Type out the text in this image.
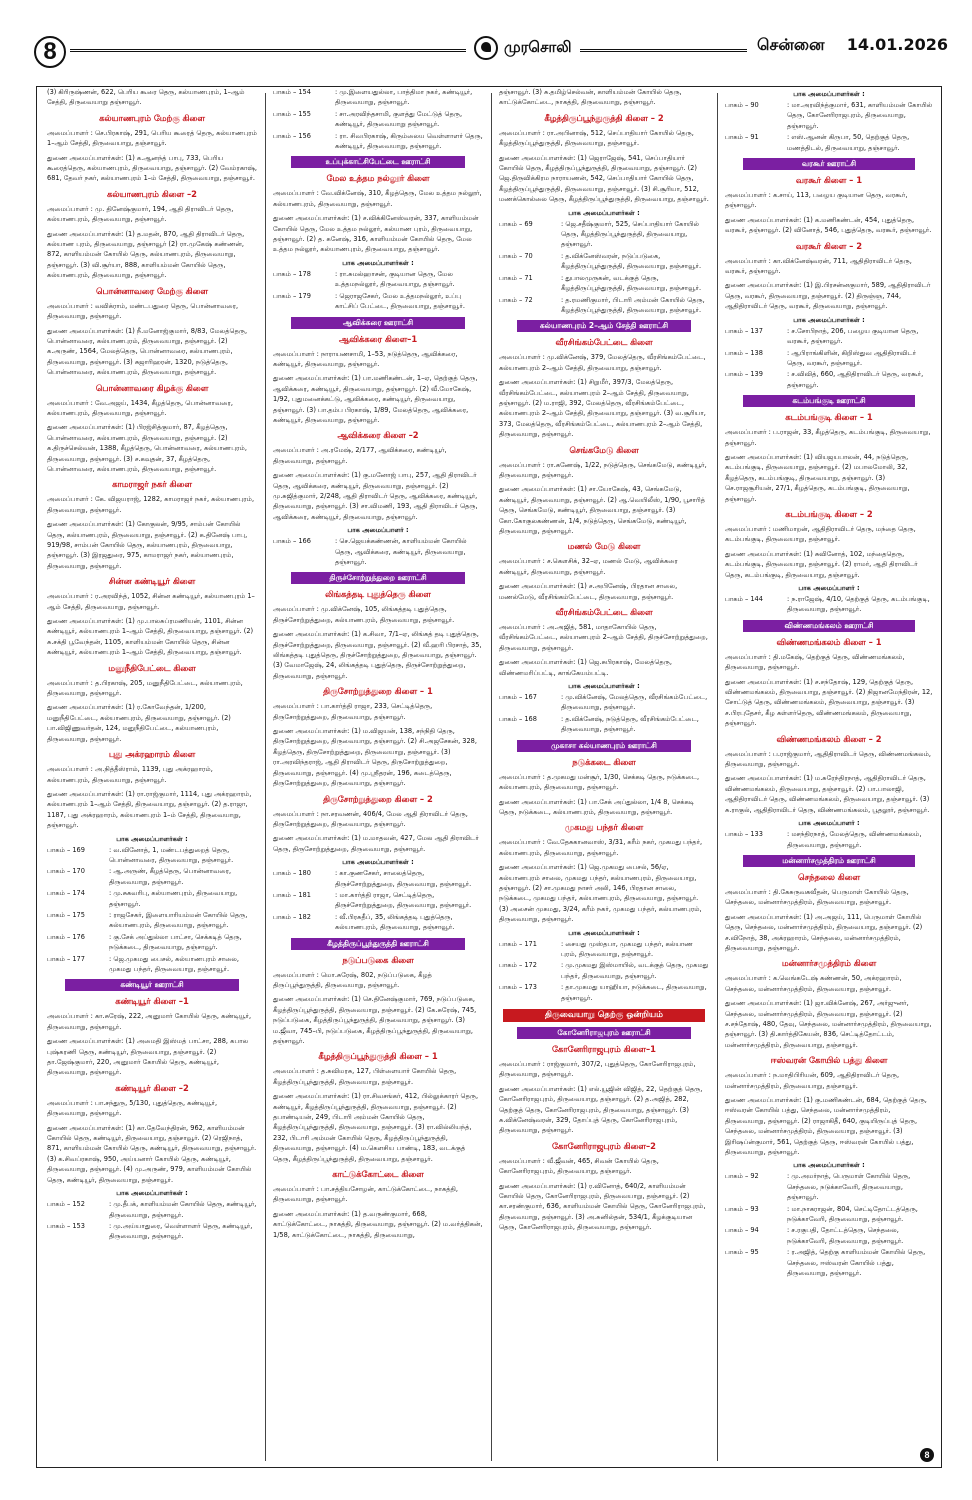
8	முரசொலி	சென்னை 14.01.2026

(3) கிரிருஷ்ணன், 622, பெரிய கூரை தெரு, கல்யாணபுரம், 1–ஆம் சேத்தி, திருவையாறு தஞ்சாவூர்.

கல்யாணபுரம் மேற்கு கிளை

அமைப்பாளர் : செ.பிரகாஷ், 291, பெரிய கூரைத் தெரு, கல்யாணபுரம் 1–ஆம் சேத்தி, திருவையாறு, தஞ்சாவூர்.

துணை அமைப்பாளர்கள்: (1) க.ஆனந்த் பாபு, 733, பெரிய கூரைத்தெரு, கல்யாணபுரம், திருவையாறு, தஞ்சாவூர். (2) வேம்ரகாஷ், 681, தேவர் நகர், கல்யாணபுரம் 1–ம் சேத்தி, திருவையாறு, தஞ்சாவூர்.

கல்யாணபுரம் கிளை –2

அமைப்பாளர் : மு. தினேஷ்குமார், 194, ஆதி திராவிடர் தெரு, கல்யாணபுரம், திருவையாறு, தஞ்சாவூர்.

துணை அமைப்பாளர்கள்: (1) த.மதன், 870, ஆதி திராவிடர் தெரு, கல்யாண புரம், திருவையாறு, தஞ்சாவூர் (2) ரா.முகேஷ் கண்ணன், 872, காளியம்மன் கோயில் தெரு, கல்யாணபுரம், திருவையாறு, தஞ்சாவூர். (3) வி.சூர்யா, 888, காளியம்மன் கோயில் தெரு, கல்யாணபுரம், திருவையாறு, தஞ்சாவூர்.

பொன்னாவரை மேற்கு கிளை

அமைப்பாளர் : வவிக்ராம், மண்டபதுரை தெரு, பொன்னாவரை, திருவையாறு, தஞ்சாவூர்.

துணை அமைப்பாளர்கள்: (1) நீ.மனோஜ்குமார், 8/83, மேலத்தெரு, பொன்னாவரை, கல்யாணபுரம், திருவையாறு, தஞ்சாவூர். (2) க.அருண், 1564, மேலத்தெரு, பொன்னாவரை, கல்யாணபுரம், திருவையாறு, தஞ்சாவூர். (3) சுஜாரிஹரன், 1320, நடுத்தெரு, பொன்னாவரை, கல்யாணபுரம், திருவையாறு, தஞ்சாவூர்.

பொன்னாவரை கிழக்கு கிளை

அமைப்பாளர் : வே.அஜய், 1434, கீழத்தெரு, பொன்னாவரை, கல்யாணபுரம், திருவையாறு, தஞ்சாவூர்.

துணை அமைப்பாளர்கள்: (1) பிரஜ்சித்குமார், 87, கீழத்தெரு, பொன்னாவரை, கல்யாணபுரம், திருவையாறு, தஞ்சாவூர். (2) க.திருச்செல்வன், 1388, கீழத்தெரு, பொன்னாவரை, கல்யாணபுரம், திருவையாறு, தஞ்சாவூர். (3) ச.கவுதன், 37, கீழத்தெரு, பொன்னாவரை, கல்யாணபுரம், திருவையாறு, தஞ்சாவூர்.

காமராஜர் நகர் கிளை

அமைப்பாளர் : கே. விஜயராஜ், 1282, காமராஜர் நகர், கல்யாணபுரம், திருவையாறு, தஞ்சாவூர்.

துணை அமைப்பாளர்கள்: (1) கோகுலன், 9/95, சாம்பன் கோயில் தெரு, கல்யாணபுரம், திருவையாறு, தஞ்சாவூர். (2) க.தினேஷ் பாபு, 919/98, சாம்பன் கோயில் தெரு, கல்யாணபுரம், திருவையாறு, தஞ்சாவூர். (3) இரஜதுரை, 975, காமராஜர் நகர், கல்யாணபுரம், திருவையாறு, தஞ்சாவூர்.

சின்ன கண்டியூர் கிளை

அமைப்பாளர் : ர.அரவிந்த், 1052, சின்ன கண்டியூர், கல்யாணபுரம் 1–ஆம் சேத்தி, திருவையாறு, தஞ்சாவூர்.

துணை அமைப்பாளர்கள்: (1) மு.பாலசுப்ரமணியன், 1101, சின்ன கண்டியூர், கல்யாணபுரம் 1–ஆம் சேத்தி, திருவையாறு, தஞ்சாவூர். (2) சு.சக்தி பூவேந்தன், 1105, காளியம்மன் கோயில் தெரு, சின்ன கண்டியூர், கல்யாணபுரம் 1–ஆம் சேத்தி, திருவையாறு, தஞ்சாவூர்.

மனுநீதிபேட்டை கிளை

அமைப்பாளர் : த.பிரகாஷ், 205, மனுநீதிபேட்டை, கல்யாணபுரம், திருவையாறு, தஞ்சாவூர்.

துணை அமைப்பாளர்கள்: (1) ர.கோவேந்தன், 1/200, மனுநீதிபேட்டை, கல்யாணபுரம், திருவையாறு, தஞ்சாவூர். (2) பா.விஜிணுவர்தன், 124, மனுநீதிபேட்டை, கல்யாணபுரம், திருவையாறு, தஞ்சாவூர்.

புது அக்ரஹாரம் கிளை

அமைப்பாளர் : அ.நித்தீஸ்ராம், 1139, புது அக்ரஹாரம், கல்யாணபுரம், திருவையாறு, தஞ்சாவூர்.

துணை அமைப்பாளர்கள்: (1) ரா.ராஜ்குமார், 1114, புது அக்ரஹாரம், கல்யாணபுரம் 1–ஆம் சேத்தி, திருவையாறு, தஞ்சாவூர். (2) த.ராஜா, 1187, புது அக்ரஹாரம், கல்யாணபுரம் 1–ம் சேத்தி, திருவையாறு, தஞ்சாவூர்.

பாக அமைப்பாளர்கள் :
பாகம் – 169	: வ.வினோத், 1, மண்டபத்துறைத் தெரு, பொன்னாவரை, திருவையாறு, தஞ்சாவூர்.
பாகம் – 170	: ஆ.அருண், கீழத்தெரு, பொன்னாவரை, திருவையாறு, தஞ்சாவூர்.
பாகம் – 174	: மு.சுகவரிபு, கல்யாணபுரம், திருவையாறு, தஞ்சாவூர்.
பாகம் – 175	: ராஜசேகர், இளையாரியம்மன் கோயில் தெரு, கல்யாணபுரம், திருவையாறு, தஞ்சாவூர்.
பாகம் – 176	: கு.சேக் அப்துல்லா பாட்சா, செக்கடித் தெரு, நடுக்கடை, திருவையாறு, தஞ்சாவூர்.
பாகம் – 177	: ஜெ.முகமது பைசல், கல்யாணபுரம் சாலை, முகமது பந்தர், திருவையாறு, தஞ்சாவூர்.
கண்டியூர் ஊராட்சி
கண்டியூர் கிளை –1

அமைப்பாளர் : கா.சுரேஷ், 222, அனுமார் கோயில் தெரு, கண்டியூர், திருவையாறு, தஞ்சாவூர்.

துணை அமைப்பாளர்கள்: (1) அமைதி இஸ்மத் பாட்சா, 288, கபால புஷ்கரணி தெரு, கண்டியூர், திருவையாறு, தஞ்சாவூர். (2) தா.ஜேஷ்குமார், 220, அனுமார் கோயில் தெரு, கண்டியூர், திருவையாறு, தஞ்சாவூர்.

கண்டியூர் கிளை –2

அமைப்பாளர் : பா.சந்துரு, 5/130, புதுத்தெரு, கண்டியூர், திருவையாறு, தஞ்சாவூர்.

துணை அமைப்பாளர்கள்: (1) கா.தேவேந்திரன், 962, காளியம்மன் கோயில் தெரு, கண்டியூர், திருவையாறு, தஞ்சாவூர். (2) ரெஜிநாத், 871, காளியம்மன் கோயில் தெரு, கண்டியூர், திருவையாறு, தஞ்சாவூர். (3) க.சிவப்ரகாஷ், 950, அய்யனார் கோயில் தெரு, கண்டியூர், திருவையாறு, தஞ்சாவூர். (4) மு.அருண், 979, காளியம்மன் கோயில் தெரு, கண்டியூர், திருவையாறு, தஞ்சாவூர்.

பாக அமைப்பாளர்கள் :
பாகம் – 152	: மு.தீபக், காளியம்மன் கோயில் தெரு, கண்டியூர், திருவையாறு, தஞ்சாவூர்.
பாகம் – 153	: மு.அய்யாதுரை, வெள்ளாளர் தெரு, கண்டியூர், திருவையாறு, தஞ்சாவூர்.
பாகம் – 154	: மு.இளையதுல்லா, பாத்திமா நகர், கண்டியூர், திருவையாறு, தஞ்சாவூர்.
பாகம் – 155	: சா.அரவிந்தசாமி, குளத்து மேட்டுத் தெரு, கண்டியூர், திருவையாறு தஞ்சாவூர்.
பாகம் – 156	: ரா. சிவபிரகாஷ், கிரும்லைய வெள்ளாளர் தெரு, கண்டியூர், திருவையாறு, தஞ்சாவூர்.
உப்புக்காட்சிபேட்டை ஊராட்சி
மேல உத்தம நல்லூர் கிளை

அமைப்பாளர் : வே.விக்னேஷ், 310, கீழத்தெரு, மேல உத்தம நல்லூர், கல்யாணபுரம், திருவையாறு, தஞ்சாவூர்.

துணை அமைப்பாளர்கள்: (1) ச.விக்கினேஸ்வரன், 337, காளியம்மன் கோயில் தெரு, மேல உத்தம நல்லூர், கல்யாண புரம், திருவையாறு, தஞ்சாவூர். (2) த. கனேஷ், 316, காளியம்மன் கோயில் தெரு, மேல உத்தம நல்லூர், கல்யாணபுரம், திருவையாறு, தஞ்சாவூர்.

பாக அமைப்பாளர்கள் :
பாகம் – 178	: ரா.சுமல்ஹாசன், குடியான தெரு, மேல உத்தமநல்லூர், திருவையாறு, தஞ்சாவூர்.
பாகம் – 179	: ஜெராஜசேகர், மேல உத்தமநல்லூர், உப்பு காட்சிப் பேட்டை, திருவையாறு, தஞ்சாவூர்.
ஆவிக்கரை ஊராட்சி
ஆவிக்கரை கிளை–1

அமைப்பாளர் : நாராயணசாமி, 1–53, நடுத்தெரு, ஆவிக்கரை, கண்டியூர், திருவையாறு, தஞ்சாவூர்.

துணை அமைப்பாளர்கள்: (1) பா.மணிகண்டன், 1–ஏ, தெற்குத் தெரு, ஆவிக்கரை, கண்டியூர், திருவையாறு, தஞ்சாவூர். (2) வீ.மோகேஷ், 1/92, புதுமனைக்கட்டு, ஆவிக்கரை, கண்டியூர், திருவையாறு, தஞ்சாவூர். (3) பா.தம்ப பிரகாஷ், 1/89, மேலத்தெரு, ஆவிக்கரை, கண்டியூர், திருவையாறு, தஞ்சாவூர்.

ஆவிக்கரை கிளை –2

அமைப்பாளர் : அ.ரமேஷ், 2/177, ஆவிக்கரை, கண்டியூர், திருவையாறு, தஞ்சாவூர்.

துணை அமைப்பாளர்கள்: (1) கு.மனோஜ் பாபு, 257, ஆதி திராவிடர் தெரு, ஆவிக்கரை, கண்டியூர், திருவையாறு, தஞ்சாவூர். (2) மு.சுஜித்குமார், 2/248, ஆதி திராவிடர் தெரு, ஆவிக்கரை, கண்டியூர், திருவையாறு, தஞ்சாவூர். (3) சா.விமணி, 193, ஆதி திராவிடர் தெரு, ஆவிக்கரை, கண்டியூர், திருவையாறு, தஞ்சாவூர்.

பாக அமைப்பாளர் :
பாகம் – 166	: செ.ஜெயக்கண்ணன், காளியம்மன் கோயில் தெரு, ஆவிக்கரை, கண்டியூர், திருவையாறு, தஞ்சாவூர்.
திருச்சோற்றுத்துறை ஊராட்சி
லிங்கத்தடி புதுத்தெரு கிளை

அமைப்பாளர் : மு.விக்னேஷ், 105, லிங்கத்தடி புதுத்தெரு, திருச்சோற்றுத்துறை, கல்யாணபுரம், திருவையாறு, தஞ்சாவூர்.

துணை அமைப்பாளர்கள்: (1) க.சிவா, 7/1–ஏ, லிங்கத் தடி புதுத்தெரு, திருச்சோற்றுத்துறை, திருவையாறு, தஞ்சாவூர். (2) வீ.ஹரி பிரசாத், 35, லிங்கத்தடி புதுத்தெரு, திருச்சோற்றுத்துறை, திருவையாறு, தஞ்சாவூர். (3) வேமாஜேஷ், 24, லிங்கத்தடி புதுத்தெரு, திருச்சோற்றுத்துறை, திருவையாறு, தஞ்சாவூர்.

திருசோற்றுத்துறை கிளை – 1

அமைப்பாளர் : பா.கார்த்தி ராஜா, 233, செட்டித்தெரு, திருசோற்றுத்துறை, திருவையாறு, தஞ்சாவூர்.

துணை அமைப்பாளர்கள்: (1) ம.விஜயன், 138, சந்நிதி தெரு, திருசோற்றுத்துறை, திருவையாறு, தஞ்சாவூர். (2) சி.அஜசேகன், 328, கீழத்தெரு, திருசோற்றுத்துறை, திருவையாறு, தஞ்சாவூர். (3) ரா.அரவிந்தராஜ், ஆதி திராவிடர் தெரு, திருசோற்றுத்துறை, திருவையாறு, தஞ்சாவூர். (4) மு.ஸ்ரீதரன், 196, கடைத்தெரு, திருசோற்றுத்துறை, திருவையாறு, தஞ்சாவூர்.

திருசோற்றுத்துறை கிளை – 2

அமைப்பாளர் : நா.சரவணன், 406/4, மேல ஆதி திராவிடர் தெரு, திருசோற்றுத்துறை, திருவையாறு, தஞ்சாவூர்.

துணை அமைப்பாளர்கள்: (1) ம.மாதவன், 427, மேல ஆதி திராவிடர் தெரு, திருசோற்றுத்துறை, திருவையாறு, தஞ்சாவூர்.

பாக அமைப்பாளர்கள் :
பாகம் – 180	: கா.குணசேகர், சாலைத்தெரு, திருச்சோற்றுத்துறை, திருவையாறு, தஞ்சாவூர்.
பாகம் – 181	: மா.கார்த்தி ராஜா, செட்டித்தெரு, திருச்சோற்றுத்துறை, திருவையாறு, தஞ்சாவூர்.
பாகம் – 182	: வீ.பிரசுதீப், 35, லிங்கத்தடி புதுத்தெரு, கல்யாணபுரம், திருவையாறு, தஞ்சாவூர்.
கீழத்திருப்பூந்துருத்தி ஊராட்சி
நடுப்படுகை கிளை

அமைப்பாளர் : மொ.சுரேஷ், 802, நடுப்படுகை, கீழத் திருப்பூந்துருத்தி, திருவையாறு, தஞ்சாவூர்.

துணை அமைப்பாளர்கள்: (1) செ.தினேஷ்குமார், 769, நடுப்படுகை, கீழத்திருப்பூந்துருத்தி, திருவையாறு, தஞ்சாவூர். (2) கே.சுரேஷ், 745, நடுப்படுகை, கீழத்திருப்பூந்துருத்தி, திருவையாறு, தஞ்சாவூர். (3) ம.ஜீவா, 745–பி, நடுப்படுகை, கீழத்திருப்பூந்துருத்தி, திருவையாறு, தஞ்சாவூர்.

கீழத்திருப்பூந்துருத்தி கிளை – 1

அமைப்பாளர் : த.சுவிமரசு, 127, பிள்ளையார் கோயில் தெரு, கீழத்திருப்பூந்துருத்தி, திருவையாறு, தஞ்சாவூர்.

துணை அமைப்பாளர்கள்: (1) ரா.சிவசங்கர், 412, பில்லுக்காரர் தெரு, கண்டியூர், கீழத்திருப்பூந்துருத்தி, திருவையாறு, தஞ்சாவூர். (2) தபாண்டியன், 249, பிடாரி அம்மன் கோயில் தெரு, கீழத்திருப்பூந்துருத்தி, திருவையாறு, தஞ்சாவூர். (3) ரா.வில்லியந்த், 232, பிடாரி அம்மன் கோயில் தெரு, கீழத்திருப்பூந்துருத்தி, திருவையாறு, தஞ்சாவூர். (4) ம.கெளசிய பாண்டி, 183, வடக்குத் தெரு, கீழத்திருப்பூந்துருத்தி, திருவையாறு, தஞ்சாவூர்.

காட்டுக்கோட்டை கிளை

அமைப்பாளர் : பா.சத்தியசோழன், காட்டுக்கோட்டை, நாகத்தி, திருவையாறு, தஞ்சாவூர்.

துணை அமைப்பாளர்கள்: (1) த.வருண்குமார், 668, காட்டுக்கோட்டை, நாகத்தி, திருவையாறு, தஞ்சாவூர். (2) ம.வர்த்திகன், 1/58, காட்டுக்கோட்டை, நாகத்தி, திருவையாறு,

தஞ்சாவூர். (3) சு.தமிழ்செல்வன், காளியம்மன் கோயில் தெரு, காட்டுக்கோட்டை, நாகத்தி, திருவையாறு, தஞ்சாவூர்.

கீழத்திருப்பூந்துருத்தி கிளை – 2

அமைப்பாளர் : ரா.அபினாஷ், 512, செப்பாதியார் கோயில் தெரு, கீழத்திருப்பூந்துருத்தி, திருவையாறு, தஞ்சாவூர்.

துணை அமைப்பாளர்கள்: (1) ஜெராஜேஷ், 541, செப்பாதியார் கோயில் தெரு, கீழத்திருப்பூந்துருத்தி, திருவையாறு, தஞ்சாவூர். (2) ஜெ.திருவிக்கிரம நாராயணன், 542, செப்பாதியார் கோயில் தெரு, கீழத்திருப்பூந்துருத்தி, திருவையாறு, தஞ்சாவூர். (3) சி.சூரியா, 512, மணக்கொல்லை தெரு, கீழத்திருப்பூந்துருத்தி, திருவையாறு, தஞ்சாவூர்.

பாக அமைப்பாளர்கள் :
பாகம் – 69	: ஜெ.சதீஷ்குமார், 525, செப்பாதியார் கோயில் தெரு, கீழத்திருப்பூந்துருத்தி, திருவையாறு, தஞ்சாவூர்.
பாகம் – 70	: த.விக்னேஸ்வரன், நடுப்படுகை, கீழத்திருப்பூந்துருத்தி, திருவையாறு, தஞ்சாவூர்.
பாகம் – 71	: துபாலமுருகன், வடக்குத் தெரு, கீழத்திருப்பூந்துருத்தி, திருவையாறு, தஞ்சாவூர்.
பாகம் – 72	: த.ரமணிகுமார், பிடாரி அம்மன் கோயில் தெரு, கீழத்திருப்பூந்துருத்தி, திருவையாறு, தஞ்சாவூர்.
கல்யாணபுரம் 2–ஆம் சேத்தி ஊராட்சி
வீரசிங்கம்பேட்டை கிளை

அமைப்பாளர் : மு.விக்னேஷ், 379, மேலத்தெரு, வீரசிங்கம்பேட்டை, கல்யாணபுரம் 2–ஆம் சேத்தி, திருவையாறு, தஞ்சாவூர்.

துணை அமைப்பாளர்கள்: (1) சிறுமீர், 397/3, மேலத்தெரு, வீரசிங்கம்பேட்டை, கல்யாணபுரம் 2–ஆம் சேத்தி, திருவையாறு, தஞ்சாவூர். (2) ம.ராஜி, 392, மேலத்தெரு, வீரசிங்கம்பேட்டை, கல்யாணபுரம் 2–ஆம் சேத்தி, திருவையாறு, தஞ்சாவூர். (3) வ.சூரியா, 373, மேலத்தெரு, வீரசிங்கம்பேட்டை, கல்யாணபுரம் 2–ஆம் சேத்தி, திருவையாறு, தஞ்சாவூர்.

செங்கமேடு கிளை

அமைப்பாளர் : ரா.கணேஷ், 1/22, நடுத்தெரு, செங்கமேடு, கண்டியூர், திருவையாறு, தஞ்சாவூர்.

துணை அமைப்பாளர்கள்: (1) சா.யோகேஷ், 43, செங்கமேடு, கண்டியூர், திருவையாறு, தஞ்சாவூர். (2) ஆ.வெயிலீஸ், 1/90, பூசாரித் தெரு, செங்கமேடு, கண்டியூர், திருவையாறு, தஞ்சாவூர். (3) கோ.கோகுலகண்ணன், 1/4, நடுத்தெரு, செங்கமேடு, கண்டியூர், திருவையாறு, தஞ்சாவூர்.

மணல் மேடு கிளை

அமைப்பாளர் : ச.கௌசிக், 32–ஏ, மணல் மேடு, ஆவிக்கரை கண்டியூர், திருவையாறு, தஞ்சாவூர்.

துணை அமைப்பாளர்கள்: (1) ச.அபினேஷ், பிரதான சாலை, மணல்மேடு, வீரசிங்கம்பேட்டை, திருவையாறு, தஞ்சாவூர்.

வீரசிங்கம்பேட்டை கிளை

அமைப்பாளர் : அ.அஜித், 581, மாதாகோயில் தெரு, வீரசிங்கம்பேட்டை, கல்யாணபுரம் 2–ஆம் சேத்தி, திருச்சோற்றுத்துறை, திருவையாறு, தஞ்சாவூர்.

துணை அமைப்பாளர்கள்: (1) ஜெ.சுபிரகாஷ், மேலத்தெரு, விண்ணமரிப்பட்டி, காங்கேயம்பட்டி.

பாக அமைப்பாளர்கள் :
பாகம் – 167	: மு.விக்னேஷ், மேலத்தெரு, வீரசிங்கம்பேட்டை, திருவையாறு, தஞ்சாவூர்.
பாகம் – 168	: த.விக்னேஷ், நடுத்தெரு, வீரசிங்கம்பேட்டை, திருவையாறு, தஞ்சாவூர்.
முகாசா கல்யாணபுரம் ஊராட்சி
நடுக்கடை கிளை

அமைப்பாளர் : த.முகமது மன்சூர், 1/30, செக்கடி தெரு, நடுக்கடை, கல்யாணபுரம், திருவையாறு, தஞ்சாவூர்.

துணை அமைப்பாளர்கள்: (1) பா.சேக் அப்துல்லா, 1/4 8, செக்கடி தெரு, நடுக்கடை, கல்யாணபுரம், திருவையாறு, தஞ்சாவூர்.

முகமது பந்தர் கிளை

அமைப்பாளர் : வே.தேசுகானவாஸ், 3/31, கரீம் நகர், முகமது பந்தர், கல்யாணபுரம், திருவையாறு, தஞ்சாவூர்.

துணை அமைப்பாளர்கள்: (1) ஜெ.முகமது பைசல், 56/ஏ, கல்யாணபுரம் சாலை, முகமது பந்தர், கல்யாணபுரம், திருவையாறு, தஞ்சாவூர். (2) சா.முகமது நாசர் அலி, 146, பிரதான சாலை, நடுக்கடை, முகமது பந்தர், கல்யாணபுரம், திருவையாறு, தஞ்சாவூர். (3) அசைன் முகமது, 3/24, கரீம் நகர், முகமது பந்தர், கல்யாணபுரம், திருவையாறு, தஞ்சாவூர்.

பாக அமைப்பாளர்கள் :
பாகம் – 171	: சையது முஸ்தபா, முகமது பந்தர், கல்யாண புரம், திருவையாறு, தஞ்சாவூர்.
பாகம் – 172	: மு.முகமது இஸ்மாயில், வடக்குத் தெரு, முகமது பந்தர், திருவையாறு, தஞ்சாவூர்.
பாகம் – 173	: தா.முகமது யாஹியா, நடுக்கடை, திருவையாறு, தஞ்சாவூர்.
திருவையாறு தெற்கு ஒன்றியம்
கோனேரிராஜபுரம் ஊராட்சி
கோனேரிராஜபுரம் கிளை–1

அமைப்பாளர் : ராஜ்குமார், 307/2, புதுத்தெரு, கோனேரிராஜபுரம், திருவையாறு, தஞ்சாவூர்.

துணை அமைப்பாளர்கள்: (1) எல்.யூஜின் விஜித், 22, தெற்குத் தெரு, கோனேரிராஜபுரம், திருவையாறு, தஞ்சாவூர். (2) த.அஜித், 282, தெற்குத் தெரு, கோனேரிராஜபுரம், திருவையாறு, தஞ்சாவூர். (3) சு.விக்னேஷ்வரன், 329, தோப்புத் தெரு, கோனேரிராஜபுரம், திருவையாறு, தஞ்சாவூர்.

கோனேரிராஜபுரம் கிளை–2

அமைப்பாளர் : வீ.ஜீவன், 465, சிவன் கோயில் தெரு, கோனேரிராஜபுரம், திருவையாறு, தஞ்சாவூர்.

துணை அமைப்பாளர்கள்: (1) ர.வினோத், 640/2, காளியம்மன் கோயில் தெரு, கோனேரிராஜபுரம், திருவையாறு, தஞ்சாவூர். (2) கா.சரண்குமார், 636, காளியம்மன் கோயில் தெரு, கோனேரிராஜபுரம், திருவையாறு, தஞ்சாவூர். (3) அ.சுனில்தன், 534/1, கீழக்குடியான தெரு, கோனேரிராஜபுரம், திருவையாறு, தஞ்சாவூர்.

பாக அமைப்பாளர்கள் :
பாகம் – 90	: மா.அரவிந்த்குமார், 631, காளியம்மன் கோயில் தெரு, கோனேரிராஜபுரம், திருவையாறு, தஞ்சாவூர்.
பாகம் – 91	: எஸ்.ஆனன் கிருபா, 50, தெற்குத் தெரு, மணத்திடல், திருவையாறு, தஞ்சாவூர்.
வரகூர் ஊராட்சி
வரகூர் கிளை – 1

அமைப்பாளர் : க.சாய், 113, பழைய குடியான தெரு, வரகூர், தஞ்சாவூர்.

துணை அமைப்பாளர்கள்: (1) க.மணிகண்டன், 454, புதுத்தெரு, வரகூர், தஞ்சாவூர். (2) வினோத், 546, புதுத்தெரு, வரகூர், தஞ்சாவூர்.

வரகூர் கிளை – 2

அமைப்பாளர் : கா.விக்னேஷ்வரன், 711, ஆதிதிராவிடர் தெரு, வரகூர், தஞ்சாவூர்.

துணை அமைப்பாளர்கள்: (1) இ.பிரசன்னகுமார், 589, ஆதிதிராவிடர் தெரு, வரகூர், திருவையாறு, தஞ்சாவூர். (2) திருஞ்ஞ, 744, ஆதிதிராவிடர் தெரு, வரகூர், திருவையாறு, தஞ்சாவூர்.

பாக அமைப்பாளர்கள் :
பாகம் – 137	: ச.சோபிநாத், 206, பழைய குடியான தெரு, வரகூர், தஞ்சாவூர்.
பாகம் – 138	: ஆபிராங்கிளின், கிறிஸ்துவ ஆதிதிராவிடர் தெரு, வரகூர், தஞ்சாவூர்.
பாகம் – 139	: ச.விவித், 660, ஆதிதிராவிடர் தெரு, வரகூர், தஞ்சாவூர்.
கடம்பங்குடி ஊராட்சி
கடம்பங்குடி கிளை – 1

அமைப்பாளர் : ப.ராஜன், 33, கீழத்தெரு, கடம்பங்குடி, திருவையாறு, தஞ்சாவூர்.

துணை அமைப்பாளர்கள்: (1) வியஜயபாலன், 44, நடுத்தெரு, கடம்பங்குடி, திருவையாறு, தஞ்சாவூர். (2) மபாலமோலி, 32, கீழத்தெரு, கடம்பங்குடி, திருவையாறு, தஞ்சாவூர். (3) செ.ராஜசூரியன், 27/1, கீழத்தெரு, கடம்பங்குடி, திருவையாறு, தஞ்சாவூர்.

கடம்பங்குடி கிளை – 2

அமைப்பாளர் : மணிமாறன், ஆதிதிராவிடர் தெரு, மந்தை தெரு, கடம்பங்குடி, திருவையாறு, தஞ்சாவூர்.

துணை அமைப்பாளர்கள்: (1) சுவினோத், 102, மந்தைதெரு, கடம்பங்குடி, திருவையாறு, தஞ்சாவூர். (2) ராமர், ஆதி திராவிடர் தெரு, கடம்பங்குடி, திருவையாறு, தஞ்சாவூர்.

பாக அமைப்பாளர் :
பாகம் – 144	: ந.ராஜேஷ், 4/10, தெற்குத் தெரு, கடம்பங்குடி, திருவையாறு, தஞ்சாவூர்.
விண்ணமங்கலம் ஊராட்சி
விண்ணமங்கலம் கிளை – 1

அமைப்பாளர் : தி.மகேஷ், தெற்குத் தெரு, விண்ணமங்கலம், திருவையாறு, தஞ்சாவூர்.

துணை அமைப்பாளர்கள்: (1) ச.சந்தோஷ், 129, தெற்குத் தெரு, விண்ணமங்கலம், திருவையாறு, தஞ்சாவூர். (2) நிஜானமேந்திரன், 12, சோட்டுத் தெரு, விண்ணமங்கலம், திருவையாறு, தஞ்சாவூர். (3) ச.பிரபுதேசர், கீழ கள்ளர்தெரு, விண்ணமங்கலம், திருவையாறு, தஞ்சாவூர்.

விண்ணமங்கலம் கிளை – 2

அமைப்பாளர் : ப.ராஜ்குமார், ஆதிதிராவிடர் தெரு, விண்ணமங்கலம், திருவையாறு, தஞ்சாவூர்.

துணை அமைப்பாளர்கள்: (1) ம.சுரேந்திரநாத், ஆதிதிராவிடர் தெரு, விண்ணமங்கலம், திருவையாறு, தஞ்சாவூர். (2) பா.பாலாஜி, ஆதிதிராவிடர் தெரு, விண்ணமங்கலம், திருவையாறு, தஞ்சாவூர். (3) சு.ராகுல், ஆதிதிராவிடர் தெரு, விண்ணமங்கலம், பூதலூர், தஞ்சாவூர்.

பாக அமைப்பாளர் :
பாகம் – 133	: மசந்திரநாத், மேலத்தெரு, விண்ணமங்கலம், திருவையாறு, தஞ்சாவூர்.
மன்னார்சமுத்திரம் ஊராட்சி
செந்தலை கிளை

அமைப்பாளர் : தி.கேசுருவகவீதன், பெருமாள் கோயில் தெரு, செந்தலை, மன்னார்சமுத்திரம், திருவையாறு, தஞ்சாவூர்.

துணை அமைப்பாளர்கள்: (1) அ.அஜய், 111, பெருமாள் கோயில் தெரு, செந்தலை, மன்னார்சமுத்திரம், திருவையாறு, தஞ்சாவூர். (2) ச.விநோத், 38, அக்ரஹாரம், செந்தலை, மன்னார்சமுத்திரம், திருவையாறு, தஞ்சாவூர்.

மன்னார்சமுத்திரம் கிளை

அமைப்பாளர் : க.வெங்கடேஷ் கண்ணன், 50, அக்ரஹாரம், செந்தலை, மன்னார்சமுத்திரம், திருவையாறு, தஞ்சாவூர்.

துணை அமைப்பாளர்கள்: (1) ஜா.விக்னேஷ், 267, அர்ஜுனர், செந்தலை, மன்னார்சமுத்திரம், திருவையாறு, தஞ்சாவூர். (2) ச.சந்தோஷ், 480, தேவு, செந்தலை, மன்னார்சமுத்திரம், திருவையாறு, தஞ்சாவூர். (3) தி.கார்த்திகேயன், 836, செட்டித்தோட்டம், மன்னார்சமுத்திரம், திருவையாறு, தஞ்சாவூர்.

ஈஸ்வரன் கோயில் பத்து கிளை

அமைப்பாளர் : ந.மாதிபிரியன், 609, ஆதிதிராவிடர் தெரு, மன்னார்சமுத்திரம், திருவையாறு, தஞ்சாவூர்.

துணை அமைப்பாளர்கள்: (1) கு.மணிகண்டன், 684, தெற்குத் தெரு, ஈஸ்வரன் கோயில் பத்து, செந்தலை, மன்னார்சமுத்திரம், திருவையாறு, தஞ்சாவூர். (2) ராஜாகிதீ, 640, குடியிருப்புத் தெரு, செந்தலை, மன்னார்சமுத்திரம், திருவையாறு, தஞ்சாவூர். (3) இரிஷப்ன்குமார், 561, தெற்குத் தெரு, ஈஸ்வரன் கோயில் பத்து, திருவையாறு, தஞ்சாவூர்.

பாக அமைப்பாளர்கள் :
பாகம் – 92	: மு.அமர்நாத், பெருமாள் கோயில் தெரு, செந்தலை, நடுக்காவேரி, திருவையாறு, தஞ்சாவூர்.
பாகம் – 93	: மா.நாகராஜன், 804, செட்டிதோட்டத்தெரு, நடுக்காவேரி, திருவையாறு, தஞ்சாவூர்.
பாகம் – 94	: ச.ரகுபதி, தோட்டத்தெரு, செந்தலை, நடுக்காவேரி, திருவையாறு, தஞ்சாவூர்.
பாகம் – 95	: ர.அஜித், தெற்கு காளியம்மன் கோயில் தெரு, செந்தலை, ஈஸ்வரன் கோயில் பத்து, திருவையாறு, தஞ்சாவூர்.
8
